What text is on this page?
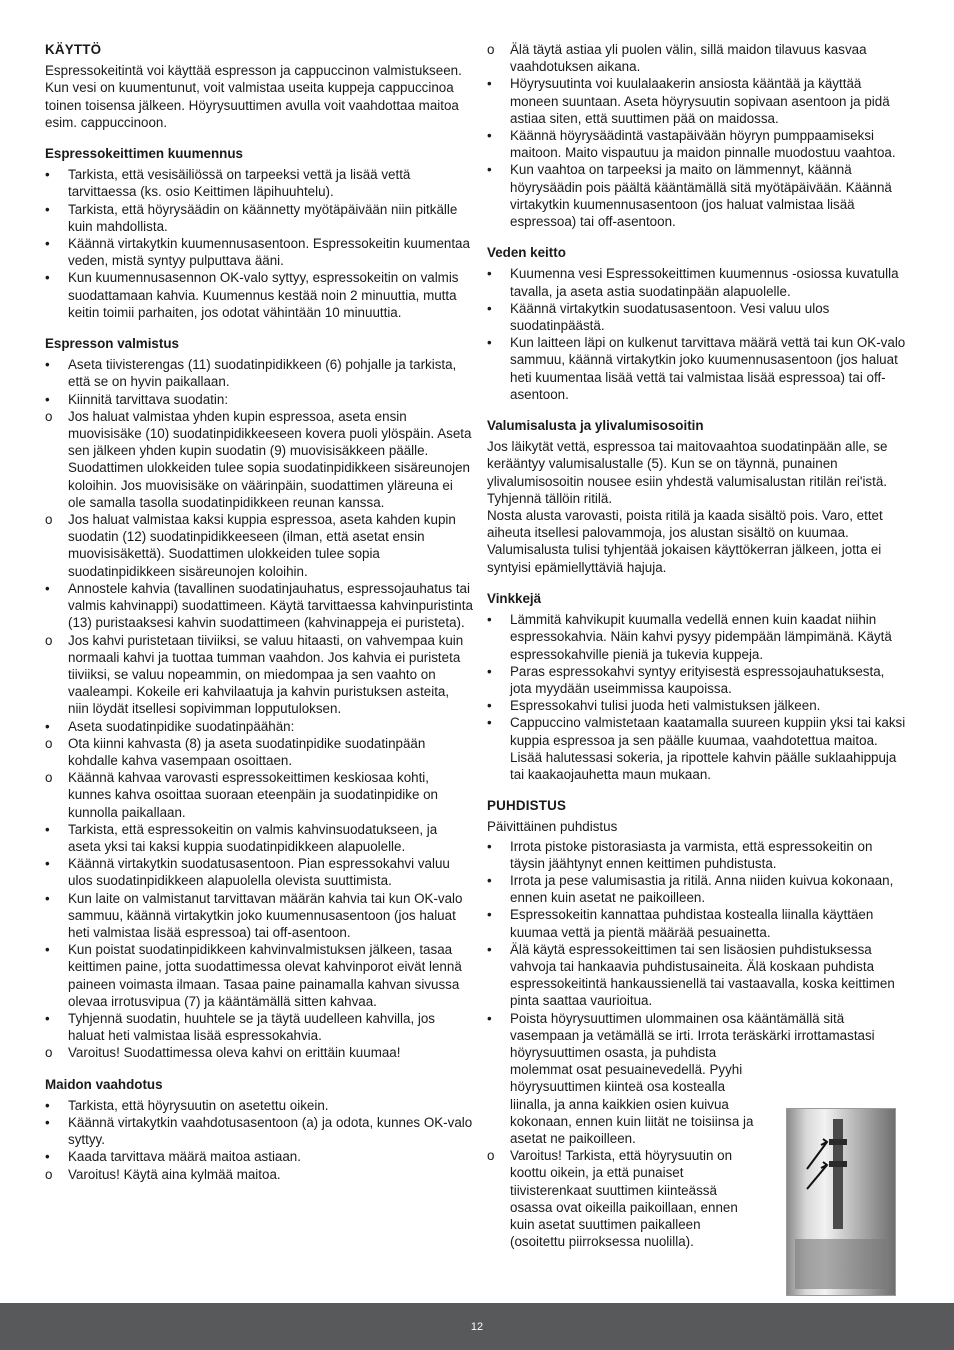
KÄYTTÖ

Espressokeitintä voi käyttää espresson ja cappuccinon valmistukseen. Kun vesi on kuumentunut, voit valmistaa useita kuppeja cappuccinoa toinen toisensa jälkeen. Höyrysuuttimen avulla voit vaahdottaa maitoa esim. cappuccinoon.

Espressokeittimen kuumennus
•	Tarkista, että vesisäiliössä on tarpeeksi vettä ja lisää vettä tarvittaessa (ks. osio Keittimen läpihuuhtelu).
•	Tarkista, että höyrysäädin on käännetty myötäpäivään niin pitkälle kuin mahdollista.
•	Käännä virtakytkin kuumennusasentoon. Espressokeitin kuumentaa veden, mistä syntyy pulputtava ääni.
•	Kun kuumennusasennon OK-valo syttyy, espressokeitin on valmis suodattamaan kahvia. Kuumennus kestää noin 2 minuuttia, mutta keitin toimii parhaiten, jos odotat vähintään 10 minuuttia.
Espresson valmistus
•	Aseta tiivisterengas (11) suodatinpidikkeen (6) pohjalle ja tarkista, että se on hyvin paikallaan.
•	Kiinnitä tarvittava suodatin:
o	Jos haluat valmistaa yhden kupin espressoa, aseta ensin muovisisäke (10) suodatinpidikkeeseen kovera puoli ylöspäin. Aseta sen jälkeen yhden kupin suodatin (9) muovisisäkkeen päälle. Suodattimen ulokkeiden tulee sopia suodatinpidikkeen sisäreunojen koloihin. Jos muovisisäke on väärinpäin, suodattimen yläreuna ei ole samalla tasolla suodatinpidikkeen reunan kanssa.
o	Jos haluat valmistaa kaksi kuppia espressoa, aseta kahden kupin suodatin (12) suodatinpidikkeeseen (ilman, että asetat ensin muovisisäkettä). Suodattimen ulokkeiden tulee sopia suodatinpidikkeen sisäreunojen koloihin.
•	Annostele kahvia (tavallinen suodatinjauhatus, espressojauhatus tai valmis kahvinappi) suodattimeen. Käytä tarvittaessa kahvinpuristinta (13) puristaaksesi kahvin suodattimeen (kahvinappeja ei puristeta).
o	Jos kahvi puristetaan tiiviiksi, se valuu hitaasti, on vahvempaa kuin normaali kahvi ja tuottaa tumman vaahdon. Jos kahvia ei puristeta tiiviiksi, se valuu nopeammin, on miedompaa ja sen vaahto on vaaleampi. Kokeile eri kahvilaatuja ja kahvin puristuksen asteita, niin löydät itsellesi sopivimman lopputuloksen.
•	Aseta suodatinpidike suodatinpäähän:
o	Ota kiinni kahvasta (8) ja aseta suodatinpidike suodatinpään kohdalle kahva vasempaan osoittaen.
o	Käännä kahvaa varovasti espressokeittimen keskiosaa kohti, kunnes kahva osoittaa suoraan eteenpäin ja suodatinpidike on kunnolla paikallaan.
•	Tarkista, että espressokeitin on valmis kahvinsuodatukseen, ja aseta yksi tai kaksi kuppia suodatinpidikkeen alapuolelle.
•	Käännä virtakytkin suodatusasentoon. Pian espressokahvi valuu ulos suodatinpidikkeen alapuolella olevista suuttimista.
•	Kun laite on valmistanut tarvittavan määrän kahvia tai kun OK-valo sammuu, käännä virtakytkin joko kuumennusasentoon (jos haluat heti valmistaa lisää espressoa) tai off-asentoon.
•	Kun poistat suodatinpidikkeen kahvinvalmistuksen jälkeen, tasaa keittimen paine, jotta suodattimessa olevat kahvinporot eivät lennä paineen voimasta ilmaan. Tasaa paine painamalla kahvan sivussa olevaa irrotusvipua (7) ja kääntämällä sitten kahvaa.
•	Tyhjennä suodatin, huuhtele se ja täytä uudelleen kahvilla, jos haluat heti valmistaa lisää espressokahvia.
o	Varoitus! Suodattimessa oleva kahvi on erittäin kuumaa!
Maidon vaahdotus
•	Tarkista, että höyrysuutin on asetettu oikein.
•	Käännä virtakytkin vaahdotusasentoon (a) ja odota, kunnes OK-valo syttyy.
•	Kaada tarvittava määrä maitoa astiaan.
o	Varoitus! Käytä aina kylmää maitoa.
o	Älä täytä astiaa yli puolen välin, sillä maidon tilavuus kasvaa vaahdotuksen aikana.
•	Höyrysuutinta voi kuulalaakerin ansiosta kääntää ja käyttää moneen suuntaan. Aseta höyrysuutin sopivaan asentoon ja pidä astiaa siten, että suuttimen pää on maidossa.
•	Käännä höyrysäädintä vastapäivään höyryn pumppaamiseksi maitoon. Maito vispautuu ja maidon pinnalle muodostuu vaahtoa.
•	Kun vaahtoa on tarpeeksi ja maito on lämmennyt, käännä höyrysäädin pois päältä kääntämällä sitä myötäpäivään. Käännä virtakytkin kuumennusasentoon (jos haluat valmistaa lisää espressoa) tai off-asentoon.
Veden keitto
•	Kuumenna vesi Espressokeittimen kuumennus -osiossa kuvatulla tavalla, ja aseta astia suodatinpään alapuolelle.
•	Käännä virtakytkin suodatusasentoon. Vesi valuu ulos suodatinpäästä.
•	Kun laitteen läpi on kulkenut tarvittava määrä vettä tai kun OK-valo sammuu, käännä virtakytkin joko kuumennusasentoon (jos haluat heti kuumentaa lisää vettä tai valmistaa lisää espressoa) tai off-asentoon.
Valumisalusta ja ylivalumisosoitin

Jos läikytät vettä, espressoa tai maitovaahtoa suodatinpään alle, se kerääntyy valumisalustalle (5). Kun se on täynnä, punainen ylivalumisosoitin nousee esiin yhdestä valumisalustan ritilän rei'istä. Tyhjennä tällöin ritilä.

Nosta alusta varovasti, poista ritilä ja kaada sisältö pois. Varo, ettet aiheuta itsellesi palovammoja, jos alustan sisältö on kuumaa.

Valumisalusta tulisi tyhjentää jokaisen käyttökerran jälkeen, jotta ei syntyisi epämiellyttäviä hajuja.

Vinkkejä
•	Lämmitä kahvikupit kuumalla vedellä ennen kuin kaadat niihin espressokahvia. Näin kahvi pysyy pidempään lämpimänä. Käytä espressokahville pieniä ja tukevia kuppeja.
•	Paras espressokahvi syntyy erityisestä espressojauhatuksesta, jota myydään useimmissa kaupoissa.
•	Espressokahvi tulisi juoda heti valmistuksen jälkeen.
•	Cappuccino valmistetaan kaatamalla suureen kuppiin yksi tai kaksi kuppia espressoa ja sen päälle kuumaa, vaahdotettua maitoa. Lisää halutessasi sokeria, ja ripottele kahvin päälle suklaahippuja tai kaakaojauhetta maun mukaan.
PUHDISTUS
Päivittäinen puhdistus
•	Irrota pistoke pistorasiasta ja varmista, että espressokeitin on täysin jäähtynyt ennen keittimen puhdistusta.
•	Irrota ja pese valumisastia ja ritilä. Anna niiden kuivua kokonaan, ennen kuin asetat ne paikoilleen.
•	Espressokeitin kannattaa puhdistaa kostealla liinalla käyttäen kuumaa vettä ja pientä määrää pesuainetta.
•	Älä käytä espressokeittimen tai sen lisäosien puhdistuksessa vahvoja tai hankaavia puhdistusaineita. Älä koskaan puhdista espressokeitintä hankaussienellä tai vastaavalla, koska keittimen pinta saattaa vaurioitua.
•	Poista höyrysuuttimen ulommainen osa kääntämällä sitä vasempaan ja vetämällä se irti. Irrota teräskärki irrottamastasi
höyrysuuttimen osasta, ja puhdista molemmat osat pesuainevedellä. Pyyhi höyrysuuttimen kiinteä osa kostealla liinalla, ja anna kaikkien osien kuivua kokonaan, ennen kuin liität ne toisiinsa ja asetat ne paikoilleen.
o	Varoitus! Tarkista, että höyrysuutin on koottu oikein, ja että punaiset tiivisterenkaat suuttimen kiinteässä osassa ovat oikeilla paikoillaan, ennen kuin asetat suuttimen paikalleen (osoitettu piirroksessa nuolilla).
12
